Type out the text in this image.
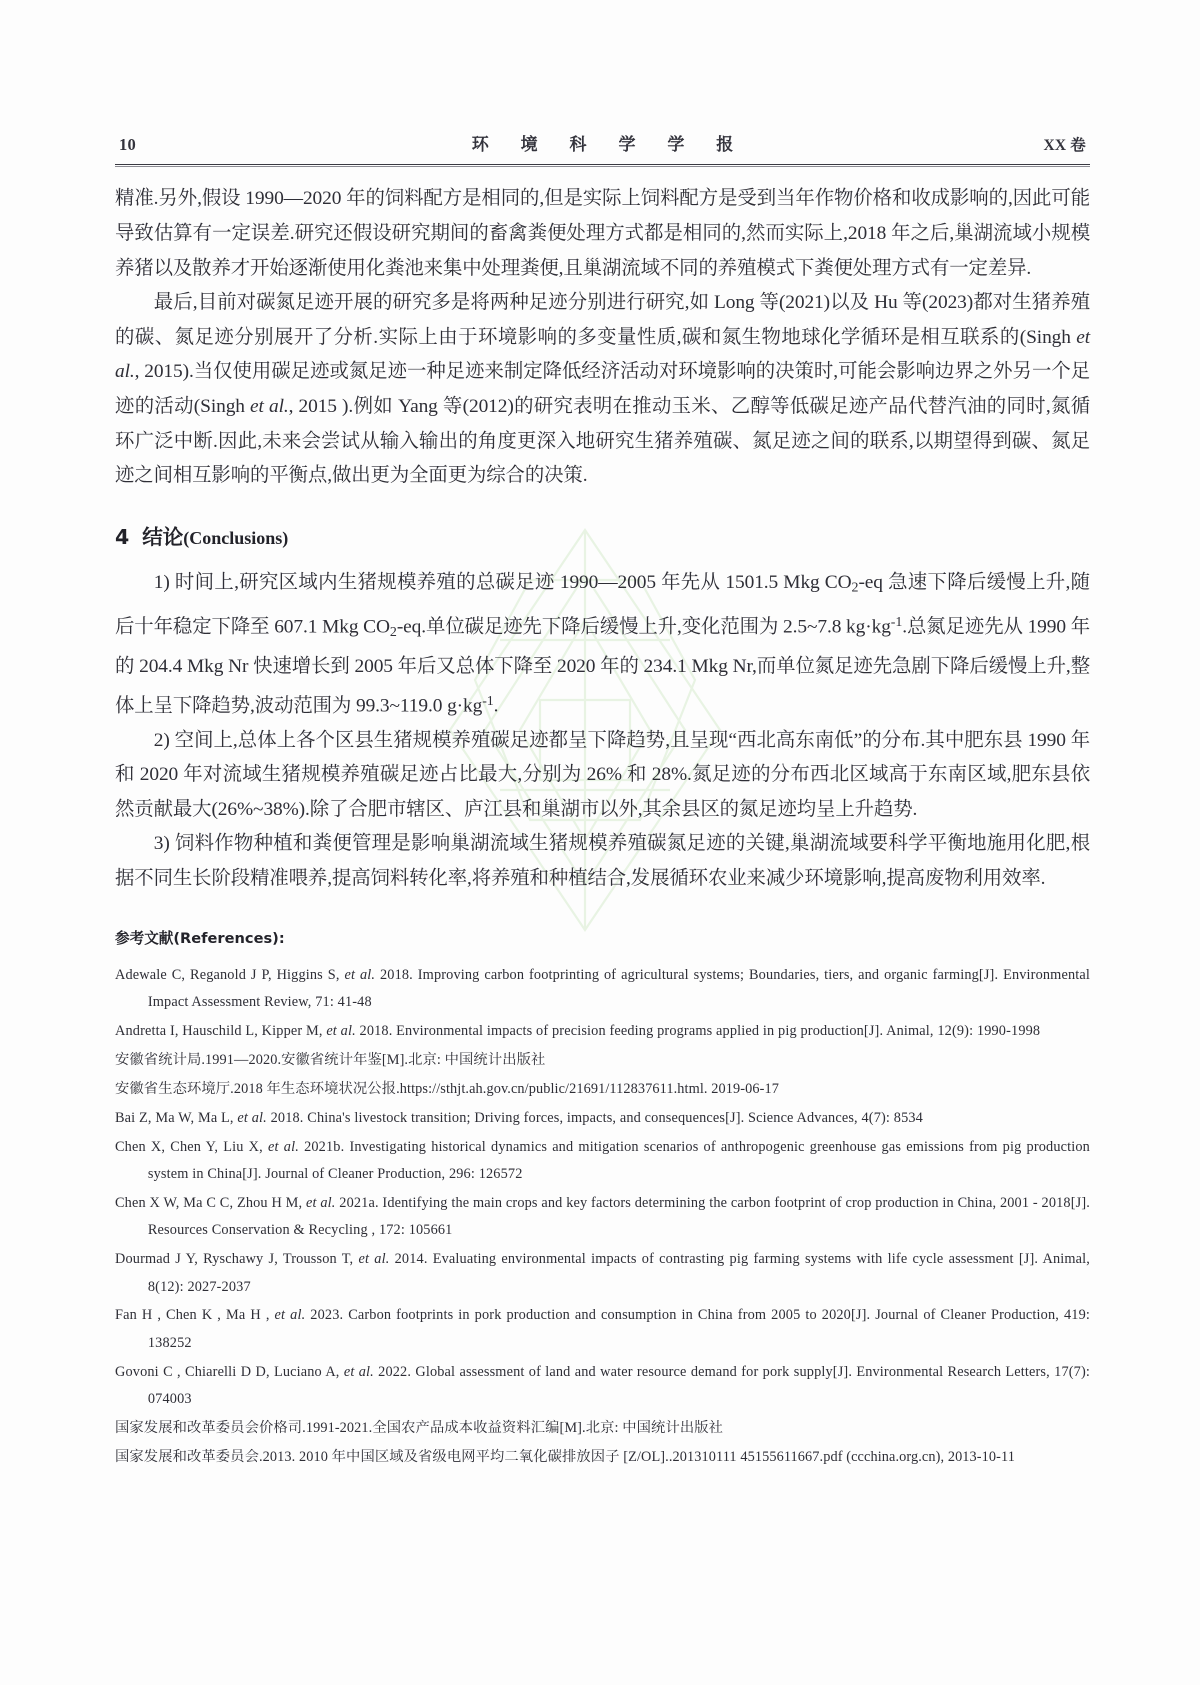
10	环 境 科 学 学 报	XX 卷

精准.另外,假设 1990—2020 年的饲料配方是相同的,但是实际上饲料配方是受到当年作物价格和收成影响的,因此可能导致估算有一定误差.研究还假设研究期间的畜禽粪便处理方式都是相同的,然而实际上,2018 年之后,巢湖流域小规模养猪以及散养才开始逐渐使用化粪池来集中处理粪便,且巢湖流域不同的养殖模式下粪便处理方式有一定差异.

最后,目前对碳氮足迹开展的研究多是将两种足迹分别进行研究,如 Long 等(2021)以及 Hu 等(2023)都对生猪养殖的碳、氮足迹分别展开了分析.实际上由于环境影响的多变量性质,碳和氮生物地球化学循环是相互联系的(Singh et al., 2015).当仅使用碳足迹或氮足迹一种足迹来制定降低经济活动对环境影响的决策时,可能会影响边界之外另一个足迹的活动(Singh et al., 2015 ).例如 Yang 等(2012)的研究表明在推动玉米、乙醇等低碳足迹产品代替汽油的同时,氮循环广泛中断.因此,未来会尝试从输入输出的角度更深入地研究生猪养殖碳、氮足迹之间的联系,以期望得到碳、氮足迹之间相互影响的平衡点,做出更为全面更为综合的决策.

4 结论(Conclusions)

1) 时间上,研究区域内生猪规模养殖的总碳足迹 1990—2005 年先从 1501.5 Mkg $CO_2-eq$ 急速下降后缓慢上升,随后十年稳定下降至 607.1 Mkg $CO_2-eq$.单位碳足迹先下降后缓慢上升,变化范围为 2.5~7.8 $kg\cdot kg^{-1}$.总氮足迹先从 1990 年的 204.4 Mkg Nr 快速增长到 2005 年后又总体下降至 2020 年的 234.1 Mkg Nr,而单位氮足迹先急剧下降后缓慢上升,整体上呈下降趋势,波动范围为 99.3~119.0 $g\cdot kg^{-1}$.

2) 空间上,总体上各个区县生猪规模养殖碳足迹都呈下降趋势,且呈现“西北高东南低”的分布.其中肥东县 1990 年和 2020 年对流域生猪规模养殖碳足迹占比最大,分别为 26% 和 28%.氮足迹的分布西北区域高于东南区域,肥东县依然贡献最大(26%~38%).除了合肥市辖区、庐江县和巢湖市以外,其余县区的氮足迹均呈上升趋势.

3) 饲料作物种植和粪便管理是影响巢湖流域生猪规模养殖碳氮足迹的关键,巢湖流域要科学平衡地施用化肥,根据不同生长阶段精准喂养,提高饲料转化率,将养殖和种植结合,发展循环农业来减少环境影响,提高废物利用效率.

参考文献(References):
Adewale C, Reganold J P, Higgins S, et al. 2018. Improving carbon footprinting of agricultural systems; Boundaries, tiers, and organic farming[J]. Environmental Impact Assessment Review, 71: 41-48
Andretta I, Hauschild L, Kipper M, et al. 2018. Environmental impacts of precision feeding programs applied in pig production[J]. Animal, 12(9): 1990-1998
安徽省统计局.1991—2020.安徽省统计年鉴[M].北京: 中国统计出版社
安徽省生态环境厅.2018 年生态环境状况公报.https://sthjt.ah.gov.cn/public/21691/112837611.html. 2019-06-17
Bai Z, Ma W, Ma L, et al. 2018. China's livestock transition; Driving forces, impacts, and consequences[J]. Science Advances, 4(7): 8534
Chen X, Chen Y, Liu X, et al. 2021b. Investigating historical dynamics and mitigation scenarios of anthropogenic greenhouse gas emissions from pig production system in China[J]. Journal of Cleaner Production, 296: 126572
Chen X W, Ma C C, Zhou H M, et al. 2021a. Identifying the main crops and key factors determining the carbon footprint of crop production in China, 2001 - 2018[J]. Resources Conservation & Recycling , 172: 105661
Dourmad J Y, Ryschawy J, Trousson T, et al. 2014. Evaluating environmental impacts of contrasting pig farming systems with life cycle assessment [J]. Animal, 8(12): 2027-2037
Fan H , Chen K , Ma H , et al. 2023. Carbon footprints in pork production and consumption in China from 2005 to 2020[J]. Journal of Cleaner Production, 419: 138252
Govoni C , Chiarelli D D, Luciano A, et al. 2022. Global assessment of land and water resource demand for pork supply[J]. Environmental Research Letters, 17(7): 074003
国家发展和改革委员会价格司.1991-2021.全国农产品成本收益资料汇编[M].北京: 中国统计出版社
国家发展和改革委员会.2013. 2010 年中国区域及省级电网平均二氧化碳排放因子 [Z/OL]..201310111 45155611667.pdf (ccchina.org.cn), 2013-10-11
